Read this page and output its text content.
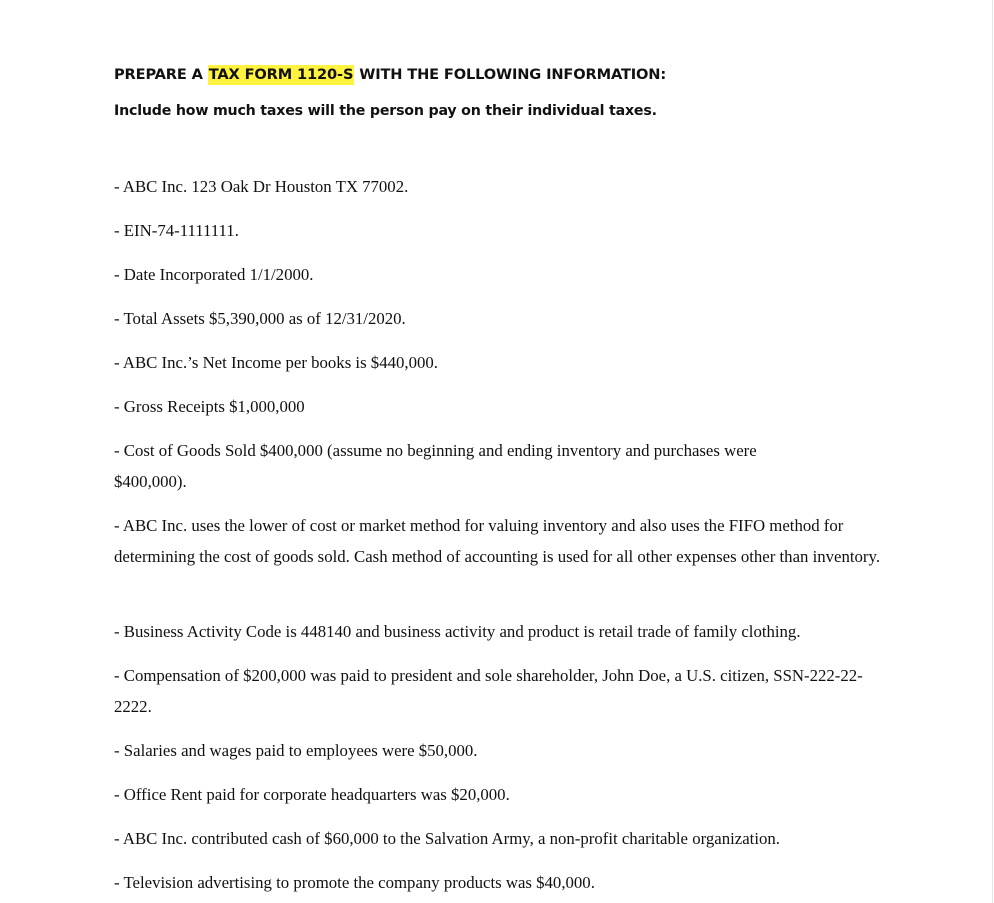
PREPARE A TAX FORM 1120-S WITH THE FOLLOWING INFORMATION:
Include how much taxes will the person pay on their individual taxes.

- ABC Inc. 123 Oak Dr Houston TX 77002.

- EIN-74-1111111.

- Date Incorporated 1/1/2000.

- Total Assets $5,390,000 as of 12/31/2020.

- ABC Inc.’s Net Income per books is $440,000.

- Gross Receipts $1,000,000

- Cost of Goods Sold $400,000 (assume no beginning and ending inventory and purchases were $400,000).

- ABC Inc. uses the lower of cost or market method for valuing inventory and also uses the FIFO method for determining the cost of goods sold. Cash method of accounting is used for all other expenses other than inventory.

- Business Activity Code is 448140 and business activity and product is retail trade of family clothing.

- Compensation of $200,000 was paid to president and sole shareholder, John Doe, a U.S. citizen, SSN-222-22-2222.

- Salaries and wages paid to employees were $50,000.

- Office Rent paid for corporate headquarters was $20,000.

- ABC Inc. contributed cash of $60,000 to the Salvation Army, a non-profit charitable organization.

- Television advertising to promote the company products was $40,000.
